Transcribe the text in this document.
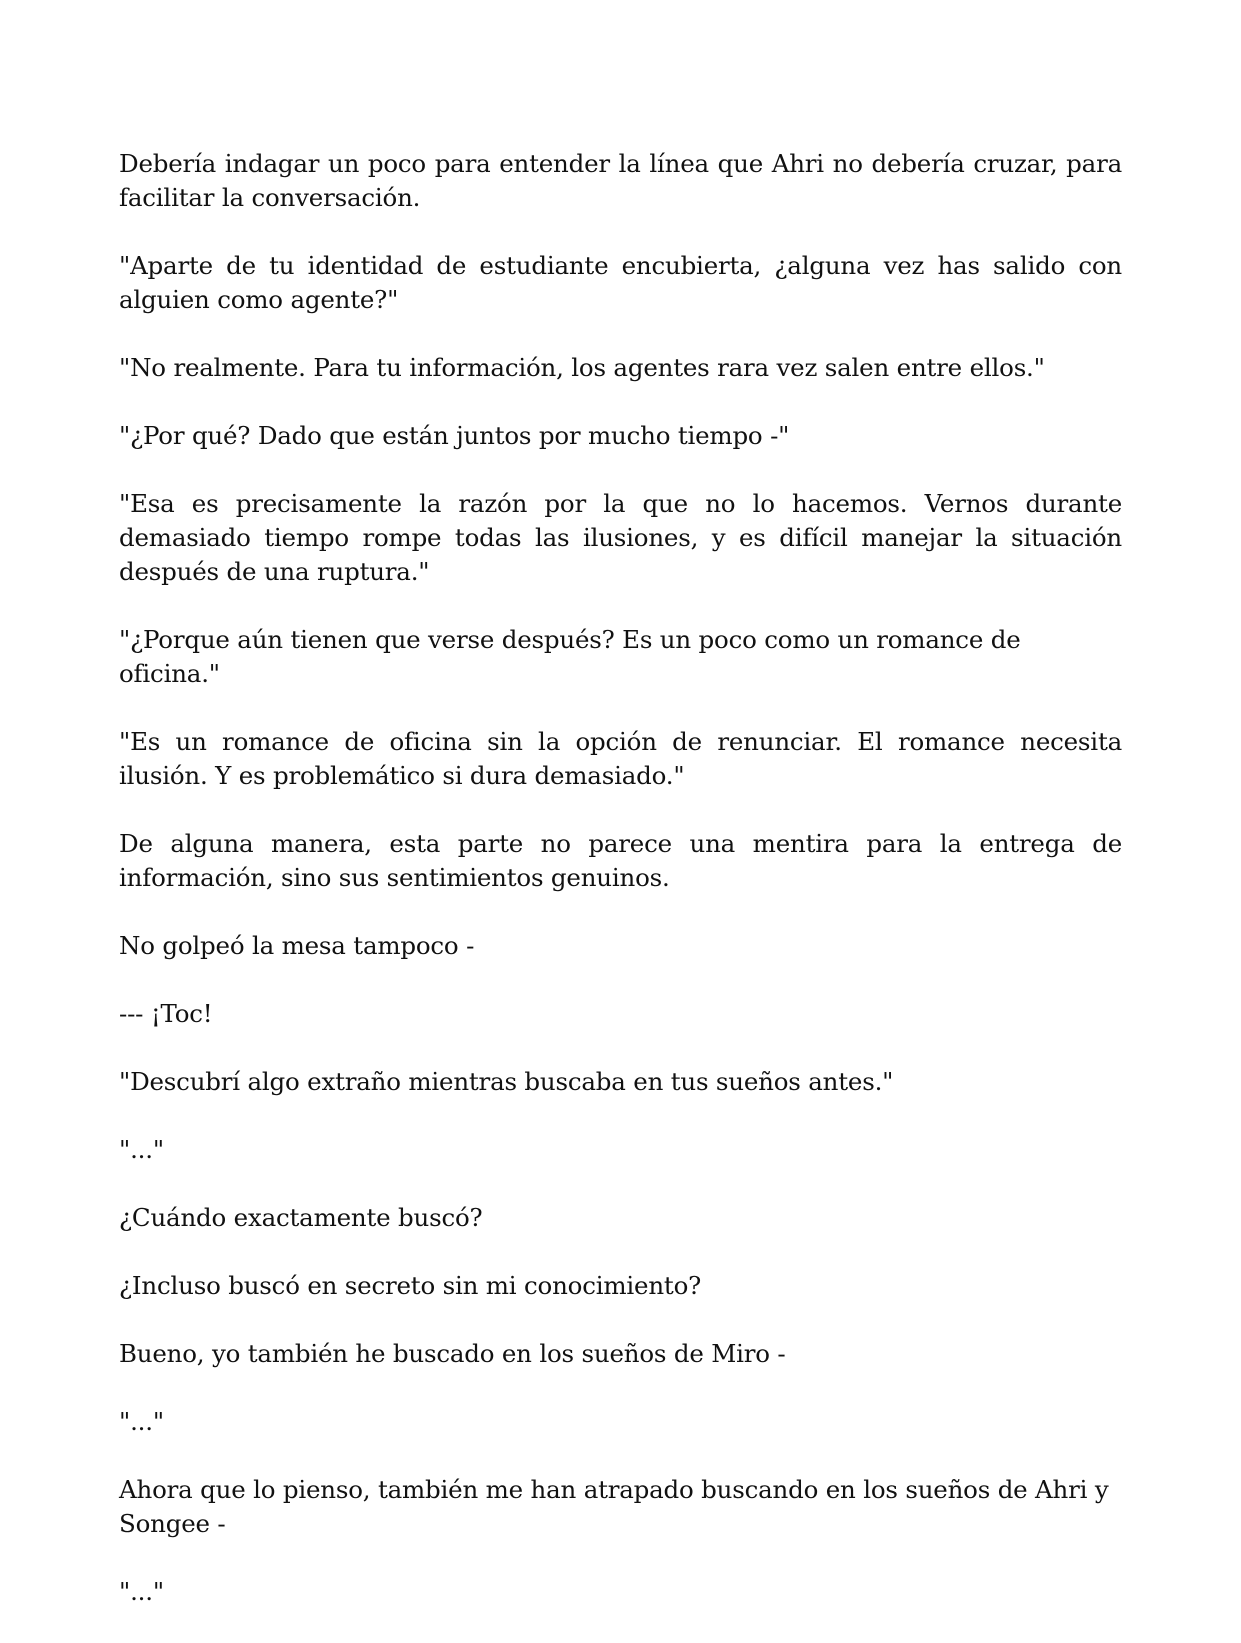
Debería indagar un poco para entender la línea que Ahri no debería cruzar, para facilitar la conversación.

"Aparte de tu identidad de estudiante encubierta, ¿alguna vez has salido con alguien como agente?"

"No realmente. Para tu información, los agentes rara vez salen entre ellos."

"¿Por qué? Dado que están juntos por mucho tiempo -"

"Esa es precisamente la razón por la que no lo hacemos. Vernos durante demasiado tiempo rompe todas las ilusiones, y es difícil manejar la situación después de una ruptura."

"¿Porque aún tienen que verse después? Es un poco como un romance de oficina."

"Es un romance de oficina sin la opción de renunciar. El romance necesita ilusión. Y es problemático si dura demasiado."

De alguna manera, esta parte no parece una mentira para la entrega de información, sino sus sentimientos genuinos.

No golpeó la mesa tampoco -

--- ¡Toc!

"Descubrí algo extraño mientras buscaba en tus sueños antes."

"..."

¿Cuándo exactamente buscó?

¿Incluso buscó en secreto sin mi conocimiento?

Bueno, yo también he buscado en los sueños de Miro -

"..."

Ahora que lo pienso, también me han atrapado buscando en los sueños de Ahri y Songee -

"..."
